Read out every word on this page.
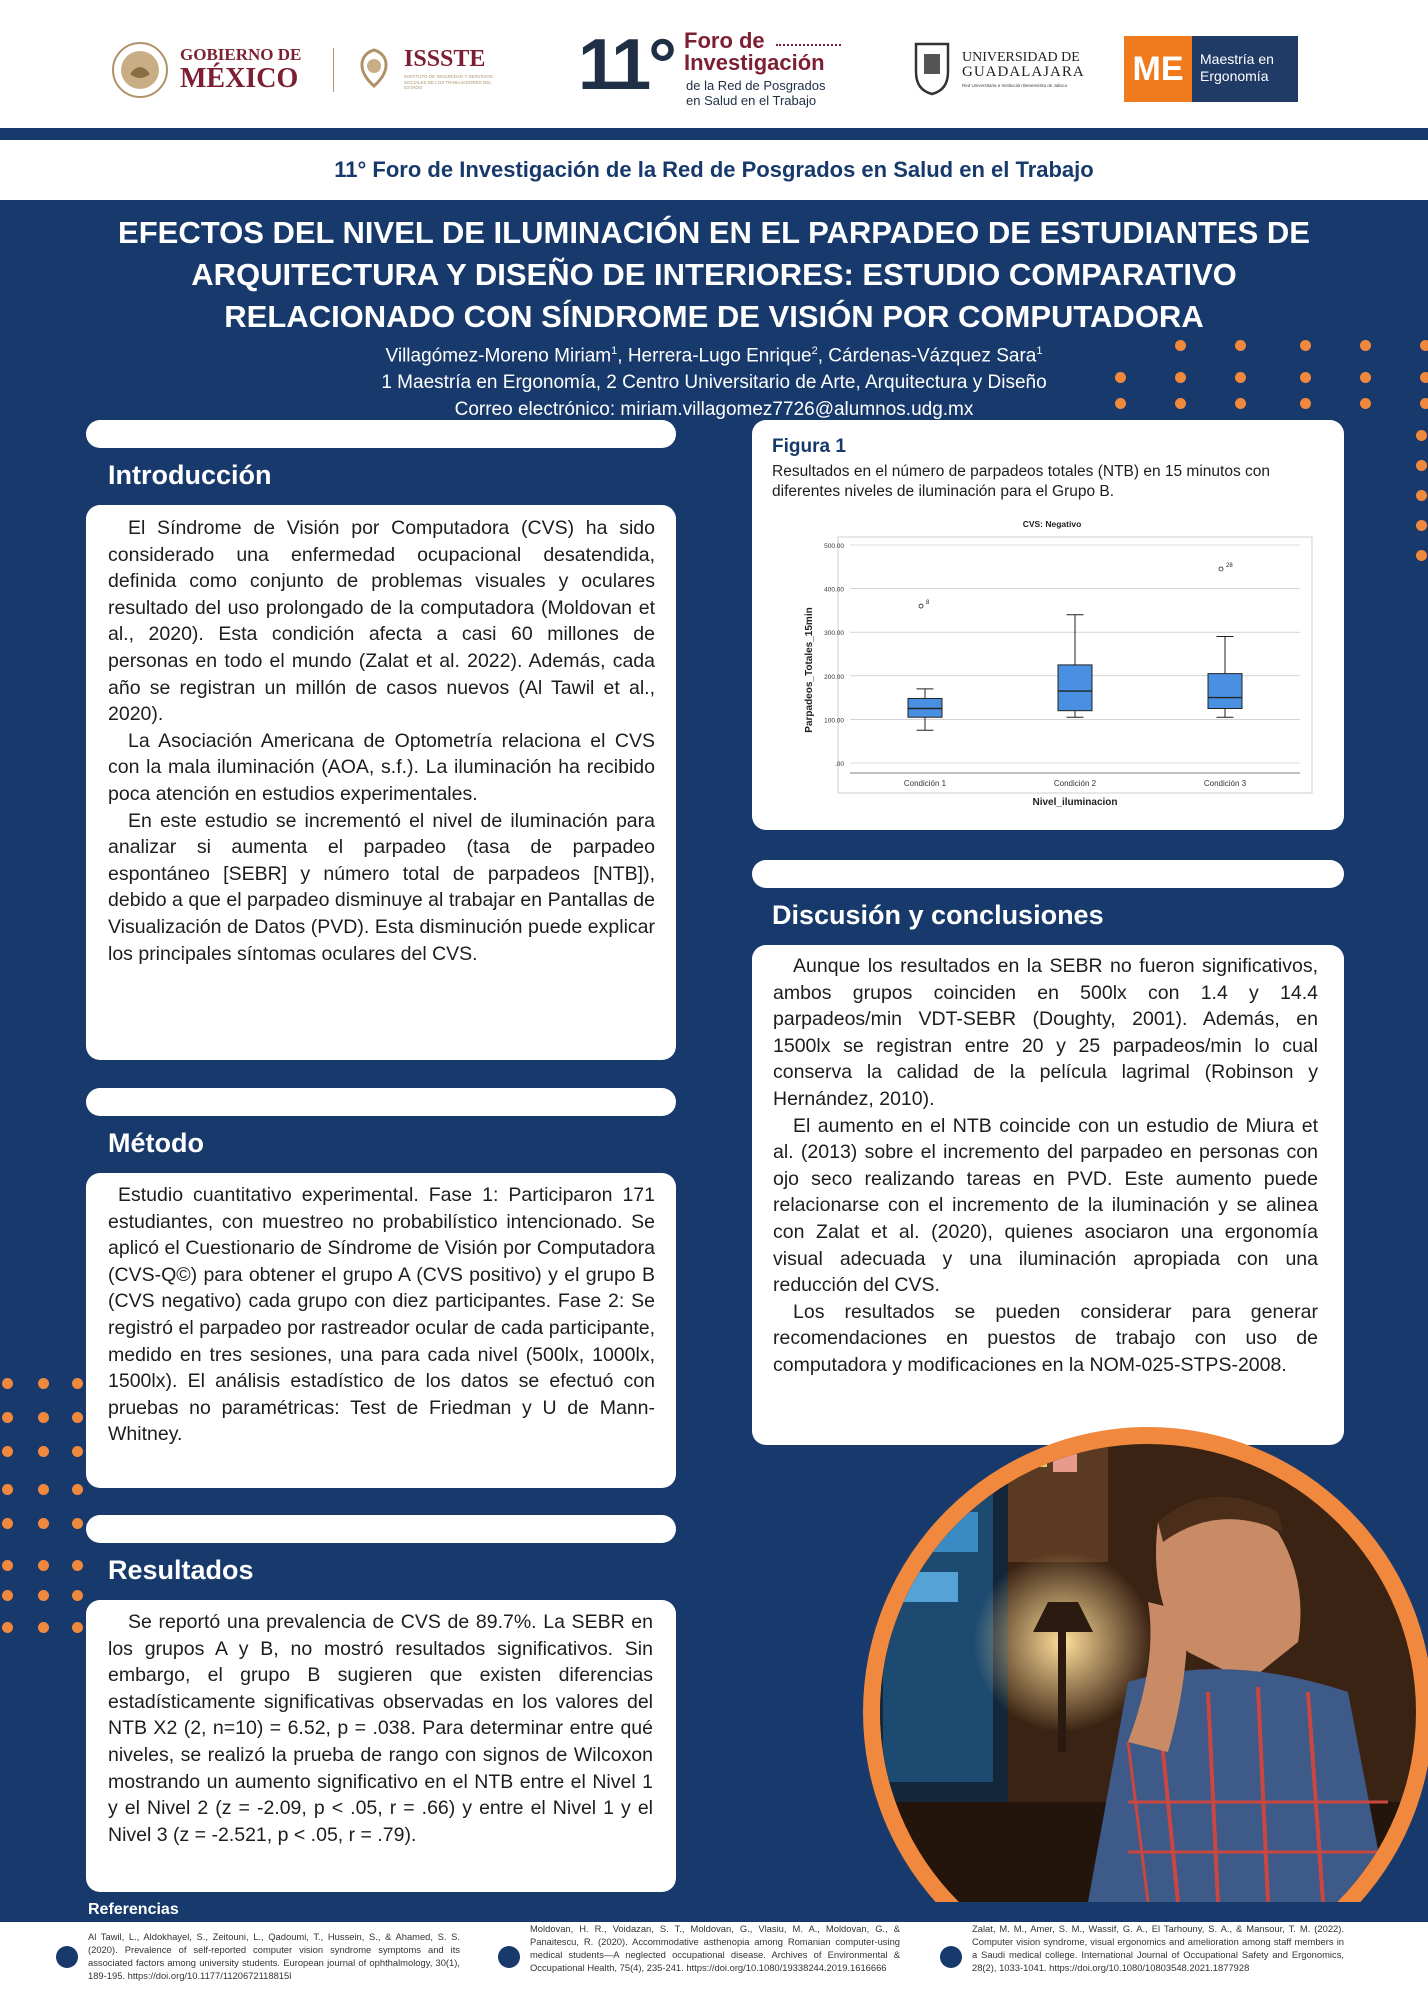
GOBIERNO DE
MÉXICO
ISSSTE
INSTITUTO DE SEGURIDAD Y SERVICIOS SOCIALES DE LOS TRABAJADORES DEL ESTADO	11° Foro de
Investigación
de la Red de Posgrados
en Salud en el Trabajo
UNIVERSIDAD DE
GUADALAJARA
Red Universitaria e Institución Benemérita de Jalisco ME	Maestría en Ergonomía
11° Foro de Investigación de la Red de Posgrados en Salud en el Trabajo
EFECTOS DEL NIVEL DE ILUMINACIÓN EN EL PARPADEO DE ESTUDIANTES DE ARQUITECTURA Y DISEÑO DE INTERIORES: ESTUDIO COMPARATIVO RELACIONADO CON SÍNDROME DE VISIÓN POR COMPUTADORA
Villagómez-Moreno Miriam$^1$, Herrera-Lugo Enrique$^2$, Cárdenas-Vázquez Sara$^1$
1 Maestría en Ergonomía, 2 Centro Universitario de Arte, Arquitectura y Diseño
Correo electrónico: miriam.villagomez7726@alumnos.udg.mx
Introducción

El Síndrome de Visión por Computadora (CVS) ha sido considerado una enfermedad ocupacional desatendida, definida como conjunto de problemas visuales y oculares resultado del uso prolongado de la computadora (Moldovan et al., 2020). Esta condición afecta a casi 60 millones de personas en todo el mundo (Zalat et al. 2022). Además, cada año se registran un millón de casos nuevos (Al Tawil et al., 2020).

La Asociación Americana de Optometría relaciona el CVS con la mala iluminación (AOA, s.f.). La iluminación ha recibido poca atención en estudios experimentales.

En este estudio se incrementó el nivel de iluminación para analizar si aumenta el parpadeo (tasa de parpadeo espontáneo [SEBR] y número total de parpadeos [NTB]), debido a que el parpadeo disminuye al trabajar en Pantallas de Visualización de Datos (PVD). Esta disminución puede explicar los principales síntomas oculares del CVS.

Método

Estudio cuantitativo experimental. Fase 1: Participaron 171 estudiantes, con muestreo no probabilístico intencionado. Se aplicó el Cuestionario de Síndrome de Visión por Computadora (CVS-Q©) para obtener el grupo A (CVS positivo) y el grupo B (CVS negativo) cada grupo con diez participantes. Fase 2: Se registró el parpadeo por rastreador ocular de cada participante, medido en tres sesiones, una para cada nivel (500lx, 1000lx, 1500lx). El análisis estadístico de los datos se efectuó con pruebas no paramétricas: Test de Friedman y U de Mann-Whitney.

Resultados

Se reportó una prevalencia de CVS de 89.7%. La SEBR en los grupos A y B, no mostró resultados significativos. Sin embargo, el grupo B sugieren que existen diferencias estadísticamente significativas observadas en los valores del NTB X2 (2, n=10) = 6.52, p = .038. Para determinar entre qué niveles, se realizó la prueba de rango con signos de Wilcoxon mostrando un aumento significativo en el NTB entre el Nivel 1 y el Nivel 2 (z = -2.09, p < .05, r = .66) y entre el Nivel 1 y el Nivel 3 (z = -2.521, p < .05, r = .79).

Figura 1
Resultados en el número de parpadeos totales (NTB) en 15 minutos con diferentes niveles de iluminación para el Grupo B.
CVS: Negativo
Parpadeos_Totales_15min
Nivel_iluminacion
.00
100.00
200.00
300.00
400.00
500.00
8
Condición 1	Condición 2
28
Condición 3
Discusión y conclusiones

Aunque los resultados en la SEBR no fueron significativos, ambos grupos coinciden en 500lx con 1.4 y 14.4 parpadeos/min VDT-SEBR (Doughty, 2001). Además, en 1500lx se registran entre 20 y 25 parpadeos/min lo cual conserva la calidad de la película lagrimal (Robinson y Hernández, 2010).

El aumento en el NTB coincide con un estudio de Miura et al. (2013) sobre el incremento del parpadeo en personas con ojo seco realizando tareas en PVD. Este aumento puede relacionarse con el incremento de la iluminación y se alinea con Zalat et al. (2020), quienes asociaron una ergonomía visual adecuada y una iluminación apropiada con una reducción del CVS.

Los resultados se pueden considerar para generar recomendaciones en puestos de trabajo con uso de computadora y modificaciones en la NOM-025-STPS-2008.

Referencias
Al Tawil, L., Aldokhayel, S., Zeitouni, L., Qadoumi, T., Hussein, S., & Ahamed, S. S. (2020). Prevalence of self-reported computer vision syndrome symptoms and its associated factors among university students. European journal of ophthalmology, 30(1), 189-195. https://doi.org/10.1177/1120672118815l
Moldovan, H. R., Voidazan, S. T., Moldovan, G., Vlasiu, M. A., Moldovan, G., & Panaitescu, R. (2020). Accommodative asthenopia among Romanian computer-using medical students—A neglected occupational disease. Archives of Environmental & Occupational Health, 75(4), 235-241. https://doi.org/10.1080/19338244.2019.1616666
Zalat, M. M., Amer, S. M., Wassif, G. A., El Tarhouny, S. A., & Mansour, T. M. (2022). Computer vision syndrome, visual ergonomics and amelioration among staff members in a Saudi medical college. International Journal of Occupational Safety and Ergonomics, 28(2), 1033-1041. https://doi.org/10.1080/10803548.2021.1877928
